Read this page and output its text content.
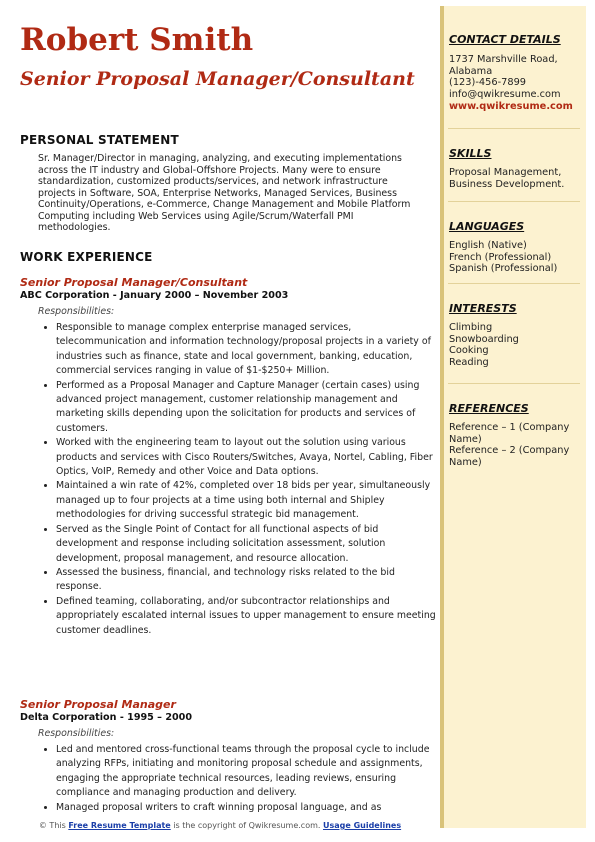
Robert Smith
Senior Proposal Manager/Consultant
PERSONAL STATEMENT

Sr. Manager/Director in managing, analyzing, and executing implementations across the IT industry and Global-Offshore Projects. Many were to ensure standardization, customized products/services, and network infrastructure projects in Software, SOA, Enterprise Networks, Managed Services, Business Continuity/Operations, e-Commerce, Change Management and Mobile Platform Computing including Web Services using Agile/Scrum/Waterfall PMI methodologies.

WORK EXPERIENCE
Senior Proposal Manager/Consultant
ABC Corporation - January 2000 – November 2003
Responsibilities:
• Responsible to manage complex enterprise managed services, telecommunication and information technology/proposal projects in a variety of industries such as finance, state and local government, banking, education, commercial services ranging in value of $1-$250+ Million.
• Performed as a Proposal Manager and Capture Manager (certain cases) using advanced project management, customer relationship management and marketing skills depending upon the solicitation for products and services of customers.
• Worked with the engineering team to layout out the solution using various products and services with Cisco Routers/Switches, Avaya, Nortel, Cabling, Fiber Optics, VoIP, Remedy and other Voice and Data options.
• Maintained a win rate of 42%, completed over 18 bids per year, simultaneously managed up to four projects at a time using both internal and Shipley methodologies for driving successful strategic bid management.
• Served as the Single Point of Contact for all functional aspects of bid development and response including solicitation assessment, solution development, proposal management, and resource allocation.
• Assessed the business, financial, and technology risks related to the bid response.
• Defined teaming, collaborating, and/or subcontractor relationships and appropriately escalated internal issues to upper management to ensure meeting customer deadlines.
Senior Proposal Manager
Delta Corporation - 1995 – 2000
Responsibilities:
• Led and mentored cross-functional teams through the proposal cycle to include analyzing RFPs, initiating and monitoring proposal schedule and assignments, engaging the appropriate technical resources, leading reviews, ensuring compliance and managing production and delivery.
• Managed proposal writers to craft winning proposal language, and as
CONTACT DETAILS
1737 Marshville Road,
Alabama
(123)-456-7899
info@qwikresume.com
www.qwikresume.com
SKILLS

Proposal Management, Business Development.

LANGUAGES
English (Native)
French (Professional)
Spanish (Professional)
INTERESTS
Climbing
Snowboarding
Cooking
Reading
REFERENCES
Reference – 1 (Company Name)
Reference – 2 (Company Name)
© This Free Resume Template is the copyright of Qwikresume.com. Usage Guidelines
